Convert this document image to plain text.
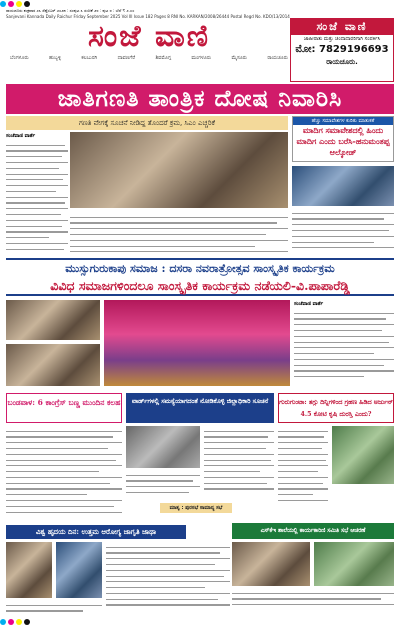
ರಾಯಚೂರು ಶುಕ್ರವಾರ ೨೬ ಸೆಪ್ಟೆಂಬರ್ ೨೦೨೫ : ಸಂಪುಟ ೩ ಸಂಚಿಕೆ ೨೮ : ಪುಟ ೮ : ಬೆಲೆ ₹ ೨.೦೦
Sanjevani Kannada Daily Raichur Friday September 2025 Vol III Issue 182 Pages 8 RNI No. KARKAN/2008/26444 Postal Regd No. KDO/13/2014
ಸಂಜೆ ವಾಣಿ
ಬೆಂಗಳೂರು	ಹುಬ್ಬಳ್ಳಿ	ಕಲಬುರಗಿ	ದಾವಣಗೆರೆ	ಶಿವಮೊಗ್ಗ	ಮಂಗಳೂರು	ಮೈಸೂರು	ರಾಯಚೂರು
ಸಂಜೆ ವಾಣಿ
ಜಾಹೀರಾತು ಮತ್ತು ಚಂದಾದಾರರಿಗಾಗಿ ಸಂಪರ್ಕಿಸಿ
ಮೋ: 7829196693
ರಾಯಚೂರು.
ಜಾತಿಗಣತಿ ತಾಂತ್ರಿಕ ದೋಷ ನಿವಾರಿಸಿ
ಗಣತಿ ವೇಗಕ್ಕೆ ಸೂಚನೆ ನೀಡಿದ್ದ ತೊಂದರೆ ಕ್ರಮ, ಸಿಎಂ ಎಚ್ಚರಿಕೆ
ಸಂಜೆವಾಣಿ ವಾರ್ತೆ
ಹೆಚ್ಚು ಸಮಾವೇಶಗಳ ಕುರಿತು ಮಾತುಕತೆ
ಮಾದಿಗ ಸಮಾವೇಶದಲ್ಲಿ ಹಿಂದು ಮಾದಿಗ ಎಂದು ಬರೆಸಿ-ಹನುಮಂತಪ್ಪ ಆಲ್ಕೋಡ್
ಮುಸ್ಸುಗುರುಕಾಪು ಸಮಾಜ : ದಸರಾ ನವರಾತ್ರೋತ್ಸವ ಸಾಂಸ್ಕೃತಿಕ ಕಾರ್ಯಕ್ರಮ
ವಿವಿಧ ಸಮಾಜಗಳಿಂದಲೂ ಸಾಂಸ್ಕೃತಿಕ ಕಾರ್ಯಕ್ರಮ ನಡೆಯಲಿ-ವಿ.ಪಾಪಾರೆಡ್ಡಿ
ಸಂಜೆವಾಣಿ ವಾರ್ತೆ
ಬಂಡವಾಳ: 6 ಕಾಂಗ್ರೆಸ್ ಬಣ್ಣ ಮುಂದಿನ ಕಲಹ	ವಾರ್ಡ್‌ಗಳಲ್ಲಿ ಸಮಸ್ಯೆಯಾಗದಂತೆ ನೋಡಿಕೊಳ್ಳಿ ಜಿಲ್ಲಾಧಿಕಾರಿ ಸೂಚನೆ	ಗುರುಗುಂಟಾ: ತಗ್ಗು ದಿನ್ನಿಗಳಿಂದ ಗ್ರಹಣ ಹಿಡಿದ ಅರ್ಜುನ್ 4.5 ಕೋಟಿ ಕೃಷಿ ದುರಸ್ತಿ ಎಂದು?
ಮಾತೃ : ಪುರಸಭೆ ಸಾಮಾನ್ಯ ಸಭೆ
ವಿಶ್ವ ಹೃದಯ ದಿನ: ಉತ್ತಮ ಆರೋಗ್ಯ ಜಾಗೃತಿ ಜಾಥಾ	ಎಸ್‌ಕೆಇ ಶಾಲೆಯಲ್ಲಿ ಕಾರ್ಯಕಾರಿಣಿ ಸಮಿತಿ ಸಭೆ ಆಚರಣೆ
